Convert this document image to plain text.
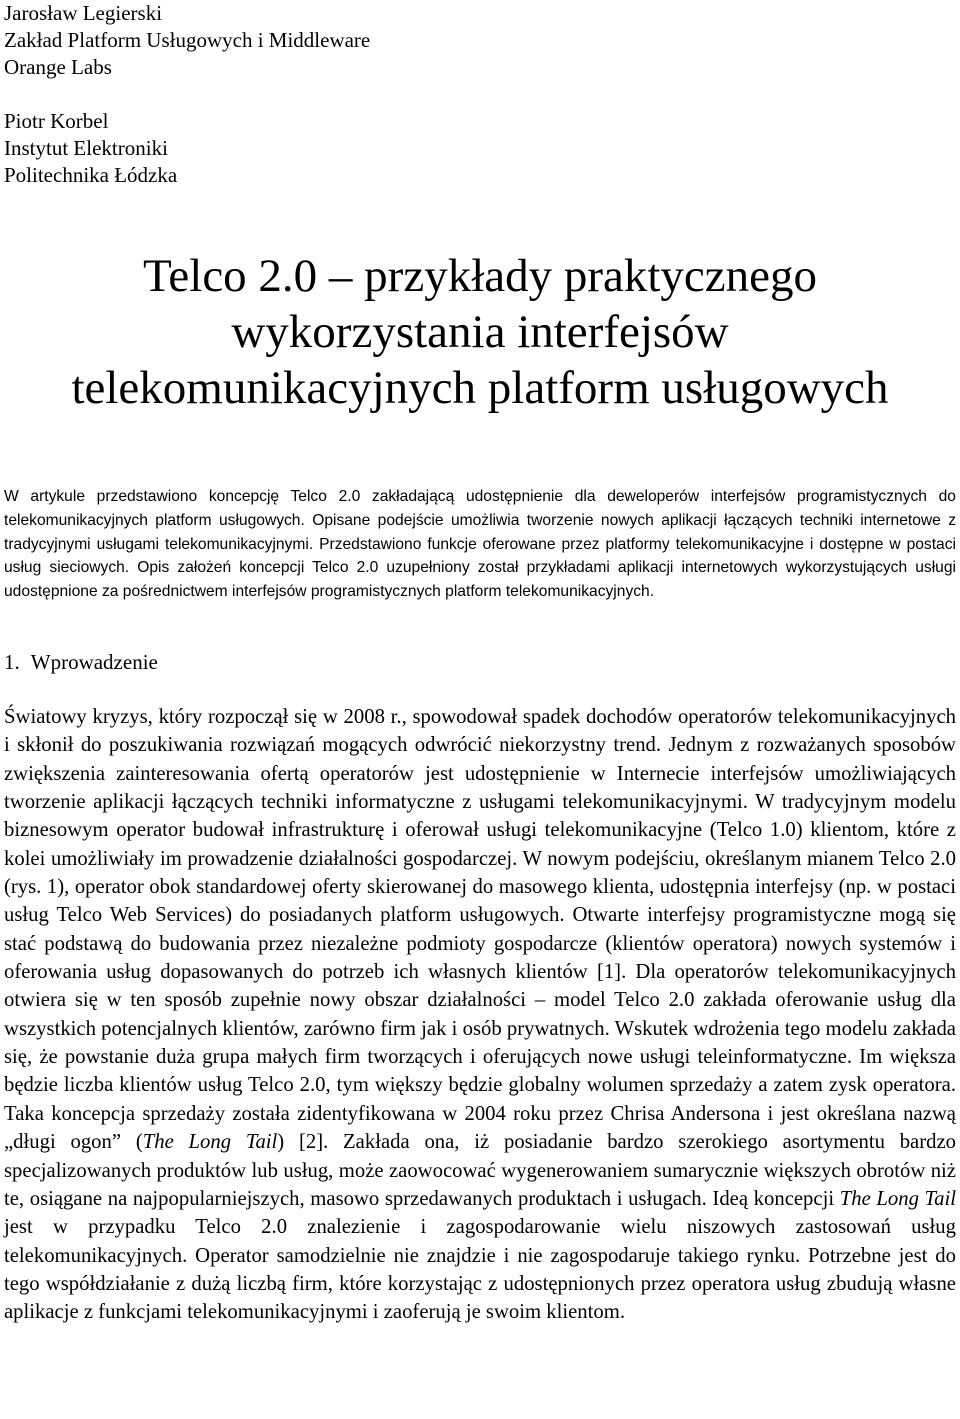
Jarosław Legierski
Zakład Platform Usługowych i Middleware
Orange Labs
Piotr Korbel
Instytut Elektroniki
Politechnika Łódzka
Telco 2.0 – przykłady praktycznego
wykorzystania interfejsów
telekomunikacyjnych platform usługowych

W artykule przedstawiono koncepcję Telco 2.0 zakładającą udostępnienie dla deweloperów interfejsów programistycznych do telekomunikacyjnych platform usługowych. Opisane podejście umożliwia tworzenie nowych aplikacji łączących techniki internetowe z tradycyjnymi usługami telekomunikacyjnymi. Przedstawiono funkcje oferowane przez platformy telekomunikacyjne i dostępne w postaci usług sieciowych. Opis założeń koncepcji Telco 2.0 uzupełniony został przykładami aplikacji internetowych wykorzystujących usługi udostępnione za pośrednictwem interfejsów programistycznych platform telekomunikacyjnych.

1. Wprowadzenie

Światowy kryzys, który rozpoczął się w 2008 r., spowodował spadek dochodów operatorów telekomunikacyjnych i skłonił do poszukiwania rozwiązań mogących odwrócić niekorzystny trend. Jednym z rozważanych sposobów zwiększenia zainteresowania ofertą operatorów jest udostępnienie w Internecie interfejsów umożliwiających tworzenie aplikacji łączących techniki informatyczne z usługami telekomunikacyjnymi. W tradycyjnym modelu biznesowym operator budował infrastrukturę i oferował usługi telekomunikacyjne (Telco 1.0) klientom, które z kolei umożliwiały im prowadzenie działalności gospodarczej. W nowym podejściu, określanym mianem Telco 2.0 (rys. 1), operator obok standardowej oferty skierowanej do masowego klienta, udostępnia interfejsy (np. w postaci usług Telco Web Services) do posiadanych platform usługowych. Otwarte interfejsy programistyczne mogą się stać podstawą do budowania przez niezależne podmioty gospodarcze (klientów operatora) nowych systemów i oferowania usług dopasowanych do potrzeb ich własnych klientów [1]. Dla operatorów telekomunikacyjnych otwiera się w ten sposób zupełnie nowy obszar działalności – model Telco 2.0 zakłada oferowanie usług dla wszystkich potencjalnych klientów, zarówno firm jak i osób prywatnych. Wskutek wdrożenia tego modelu zakłada się, że powstanie duża grupa małych firm tworzących i oferujących nowe usługi teleinformatyczne. Im większa będzie liczba klientów usług Telco 2.0, tym większy będzie globalny wolumen sprzedaży a zatem zysk operatora. Taka koncepcja sprzedaży została zidentyfikowana w 2004 roku przez Chrisa Andersona i jest określana nazwą „długi ogon” (The Long Tail) [2]. Zakłada ona, iż posiadanie bardzo szerokiego asortymentu bardzo specjalizowanych produktów lub usług, może zaowocować wygenerowaniem sumarycznie większych obrotów niż te, osiągane na najpopularniejszych, masowo sprzedawanych produktach i usługach. Ideą koncepcji The Long Tail jest w przypadku Telco 2.0 znalezienie i zagospodarowanie wielu niszowych zastosowań usług telekomunikacyjnych. Operator samodzielnie nie znajdzie i nie zagospodaruje takiego rynku. Potrzebne jest do tego współdziałanie z dużą liczbą firm, które korzystając z udostępnionych przez operatora usług zbudują własne aplikacje z funkcjami telekomunikacyjnymi i zaoferują je swoim klientom.
